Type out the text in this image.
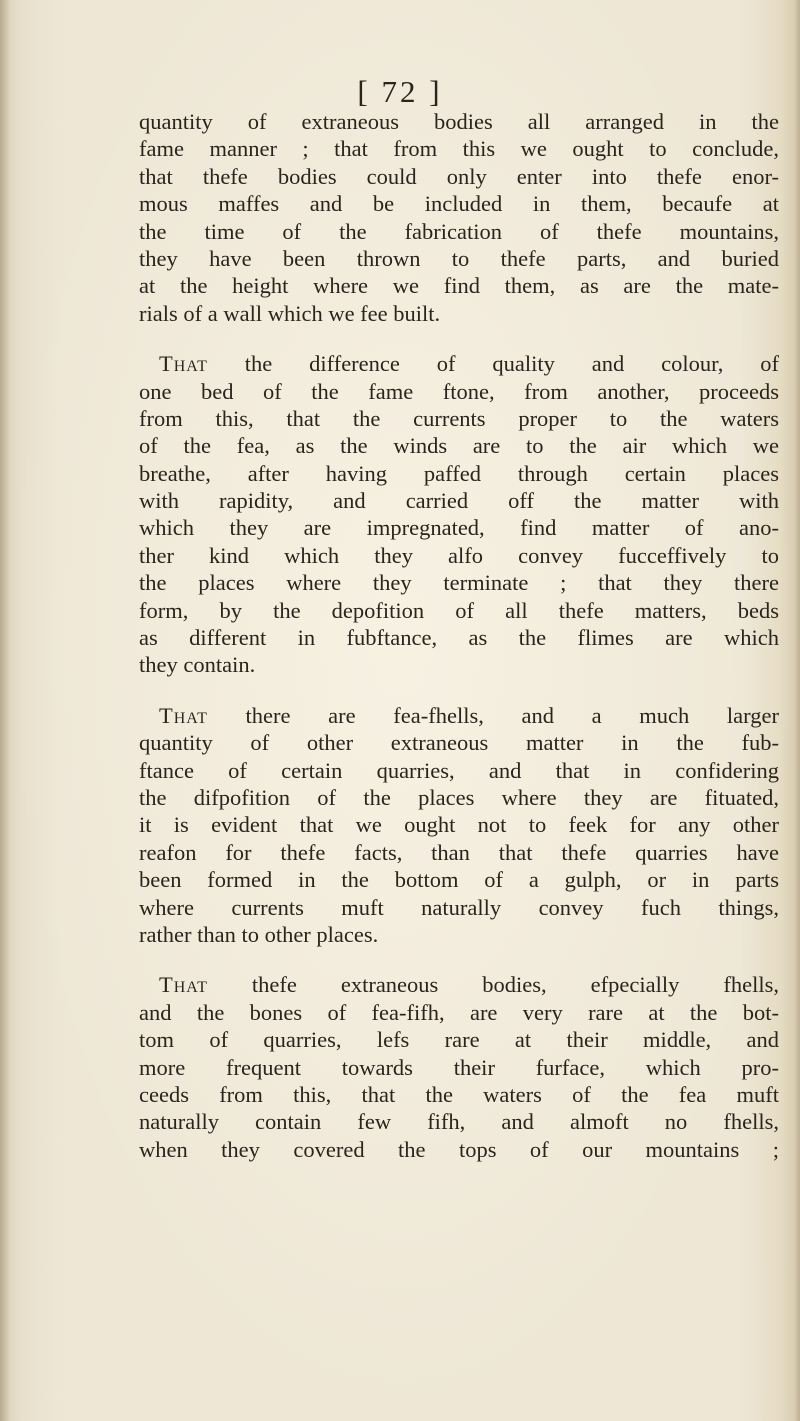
[ 72 ]
quantity of extraneous bodies all arranged in the
fame manner ; that from this we ought to conclude,
that thefe bodies could only enter into thefe enor-
mous maffes and be included in them, becaufe at
the time of the fabrication of thefe mountains,
they have been thrown to thefe parts, and buried
at the height where we find them, as are the mate-
rials of a wall which we fee built.
That the difference of quality and colour, of
one bed of the fame ftone, from another, proceeds
from this, that the currents proper to the waters
of the fea, as the winds are to the air which we
breathe, after having paffed through certain places
with rapidity, and carried off the matter with
which they are impregnated, find matter of ano-
ther kind which they alfo convey fucceffively to
the places where they terminate ; that they there
form, by the depofition of all thefe matters, beds
as different in fubftance, as the flimes are which
they contain.
That there are fea-fhells, and a much larger
quantity of other extraneous matter in the fub-
ftance of certain quarries, and that in confidering
the difpofition of the places where they are fituated,
it is evident that we ought not to feek for any other
reafon for thefe facts, than that thefe quarries have
been formed in the bottom of a gulph, or in parts
where currents muft naturally convey fuch things,
rather than to other places.
That thefe extraneous bodies, efpecially fhells,
and the bones of fea-fifh, are very rare at the bot-
tom of quarries, lefs rare at their middle, and
more frequent towards their furface, which pro-
ceeds from this, that the waters of the fea muft
naturally contain few fifh, and almoft no fhells,
when they covered the tops of our mountains ;
